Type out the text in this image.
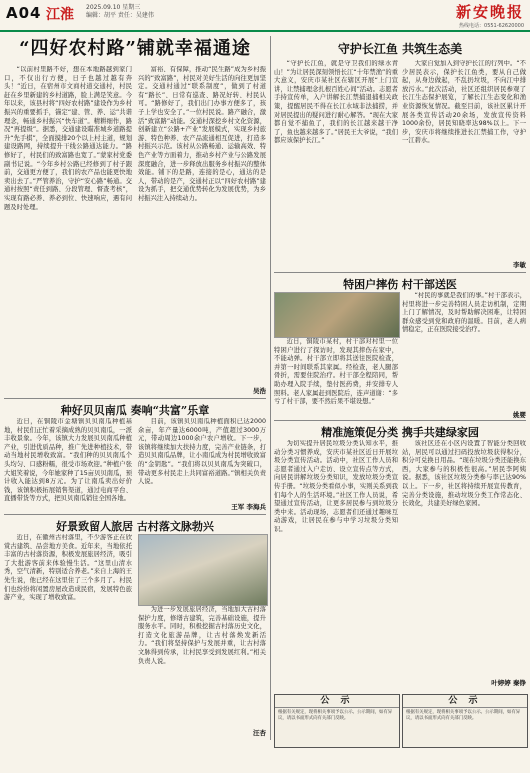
A04 江淮 2025.09.10 星期三
编辑：胡平 责任：吴建伟	新安晚报
热线电话：0551-62620000
“四好农村路”铺就幸福通途
“以前村里路不好，想在本地路越到家门口，不仅出行方便，日子也越过越有奔头！”近日，在宿州市文商村道交通村，村民赶在乡里新建的乡村道路，脸上满是笑意。今年以来，该县村将“四好农村路”建设作为乡村振兴的重要抓手，锚定“建、管、养、运”共谐理念，畅通乡村振兴“快车道”。精耕细作，路况“再提级”。据悉，交通建设瞄准城乡道路提升“先手棋”，全面摸排20个以上村主道，规划建设路网，持续提升干线公路通达能力。“路修好了，村民们的致富路也宽了。”蒙家村党委副书记说。“今年乡村公路已经修到了村子跟前，交通更方便了，我们的农产品也能更快地卖出去了。”严管养治，守护“安心路”畅通。交通村按照“责任到路、分段管理、督查考核”，实现有路必养、养必到位、快速响应，遇有问题及时处理。
富裕、有保障，推动“民生路”成为乡村振兴的“致富路”，村民对美好生活的向往更加坚定。交通村通过“联系制度”，做到了村道有“路长”、日常有巡查、路况好转、村民认可。“路修好了，我们出门办事方便多了，孩子上学也安全了。”一位村民说。路产融合，激活“致富路”动能。交通村深挖乡村文化资源，创新建立“公路+产业”发展模式，实现乡村旅游、特色种养、农产品流通相互促进，打造多村振兴示范。该村从公路畅通、运输高效、特色产业等方面着力，推动乡村产业与公路发展深度融合，进一步释放出服务乡村振兴的整体效能。铺下的是路，连接的是心，通达的是人，带动的是产，交通村正以“四好农村路”建设为抓手，把交通优势转化为发展优势，为乡村振兴注入持续动力。
吴浩
守护长江鱼 共筑生态美
“守护长江鱼，就是守卫我们的绿水青山！”为让居民深刻领悟长江“十年禁渔”的重大意义，安庆市某社区在辖区开展“上门宣讲，让禁捕理念扎根百姓心间”活动。志愿者手持宣传单，入户讲解长江禁捕退捕相关政策，提醒居民不得在长江水域非法捕捞，并对居民提出的疑问进行耐心解答。“现在大家都自觉不捕鱼了，我们的长江越来越干净了，鱼也越来越多了。”居民王大爷说，“我们都应该保护长江。”
大家自觉加入到守护长江的行列中。“不少居民表示，保护长江鱼类，要从自己做起，从身边做起，不乱扔垃圾，不向江中排放污水。”此次活动，社区还组织居民参观了长江生态保护展览，了解长江生态变化和渔业资源恢复情况。截至目前，该社区累计开展各类宣传活动20余场，发放宣传资料1000余份，居民知晓率达98%以上。下一步，安庆市将继续推进长江禁捕工作，守护一江碧水。
李敏
特困户摔伤 村干部送医
近日，铜陵市某村，村干部对村里一位特困户进行了探访时，发现其摔伤在家中，不能动弹。村干部立即将其送往医院检查，并第一时间联系其家属。经检查，老人腿部骨折，需要住院治疗。村干部全程陪同，帮助办理入院手续，垫付医药费，并安排专人照料。老人家属赶到医院后，连声道谢：“多亏了村干部，要不然后果不堪设想。”
“村民的事就是我们的事。”村干部表示，村里将进一步完善特困人员走访机制，定期上门了解情况，及时帮助解决困难，让特困群众感受到党和政府的温暖。目前，老人病情稳定，正在医院接受治疗。
姚婴
种好贝贝南瓜 奏响“共富”乐章
近日，在铜陵市金塘镇贝贝南瓜种植基地，村民们正忙着采摘成熟的贝贝南瓜，一派丰收景象。今年，该镇大力发展贝贝南瓜种植产业，引进优质品种，推广先进种植技术，带动当地村民增收致富。“我们种的贝贝南瓜个头均匀、口感粉糯，很受市场欢迎。”种植户张大姐笑着说，今年她家种了15亩贝贝南瓜，预计收入能达到8万元。为了让南瓜卖出好价钱，该镇积极拓展销售渠道，通过电商平台、直播带货等方式，把贝贝南瓜销往全国各地。
目前，该镇贝贝南瓜种植面积已达2000余亩，年产量达6000吨，产值超过3000万元，带动周边1000余户农户增收。下一步，该镇将继续加大扶持力度，完善产业链条，打造贝贝南瓜品牌，让小南瓜成为村民增收致富的“金钥匙”。“我们将以贝贝南瓜为突破口，带动更多村民走上共同富裕道路。”镇相关负责人说。
王军 李海兵
好景致留人旅居 古村落文脉勃兴
近日，在徽州古村落里，不少游客正在欣赏古建筑、品尝地方美食。近年来，当地依托丰富的古村落资源，积极发展旅居经济，吸引了大批游客前来体验慢生活。“这里山清水秀，空气清新，特别适合养老。”来自上海的王先生说，他已经在这里住了三个多月了。村民们也纷纷将闲置房屋改造成民宿，发展特色旅游产业，实现了增收致富。
为进一步发展旅居经济，当地加大古村落保护力度，修缮古建筑，完善基础设施，提升服务水平。同时，积极挖掘古村落历史文化，打造文化旅游品牌，让古村落焕发新活力。“我们将坚持保护与发展并重，让古村落文脉得到传承，让村民享受到发展红利。”相关负责人说。
汪杏
精准施策促分类 携手共建绿家园
为切实提升居民垃圾分类认知水平，推动分类习惯养成，安庆市某社区近日开展垃圾分类宣传活动。活动中，社区工作人员和志愿者通过入户走访、设立宣传点等方式，向居民讲解垃圾分类知识，发放垃圾分类宣传手册。“垃圾分类看似小事，实则关系到我们每个人的生活环境。”社区工作人员说，希望通过宣传活动，让更多居民参与到垃圾分类中来。活动现场，志愿者们还通过趣味互动游戏，让居民在参与中学习垃圾分类知识。
该社区还在小区内设置了智能分类回收站，居民可以通过扫码投放垃圾获得积分，积分可兑换日用品。“现在垃圾分类还能换东西，大家参与的积极性很高。”居民李阿姨说。据悉，该社区垃圾分类参与率已达90%以上。下一步，社区将持续开展宣传教育，完善分类设施，推动垃圾分类工作常态化、长效化，共建美好绿色家园。
叶婷婷 秦铮
公 示
根据有关规定，现将相关事项予以公示。公示期间，如有异议，请以书面形式向有关部门反映。
公 示
根据有关规定，现将相关事项予以公示。公示期间，如有异议，请以书面形式向有关部门反映。
